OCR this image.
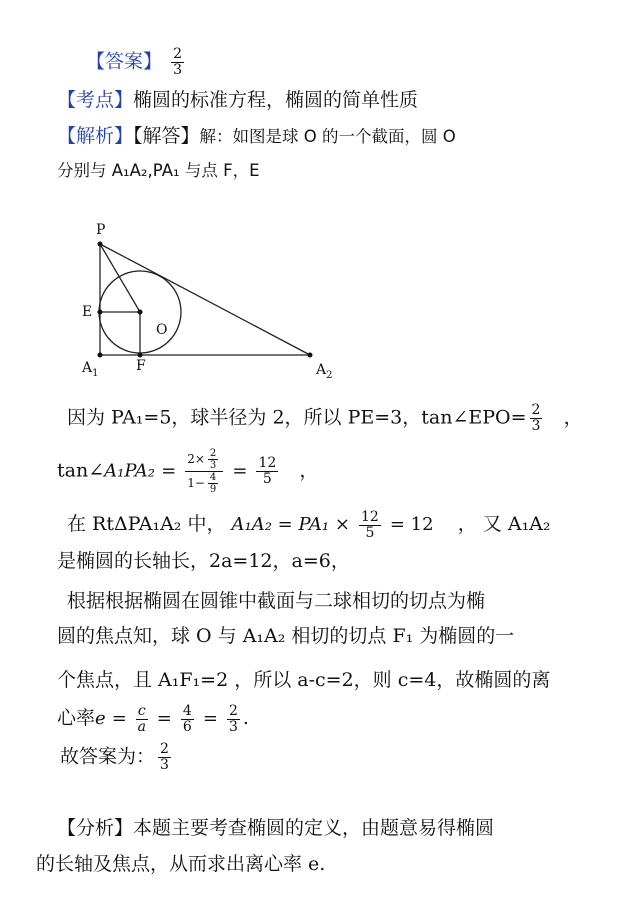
【答案】 $\frac{2}{3}$
【考点】椭圆的标准方程，椭圆的简单性质
【解析】【解答】解：如图是球 O 的一个截面，圆 O
分别与 A₁A₂,PA₁ 与点 F，E
P
E
O
$A_1$	F	$A_2$
因为 PA₁=5，球半径为 2，所以 PE=3，tan∠EPO= $\frac{2}{3}$ ，
tan∠A₁PA₂ = $\frac{2\times \frac{2}{3}}{1- \frac{4}{9}} = \frac{12}{5}$ ，
在 RtΔPA₁A₂ 中， $A_1A_2 = PA_1 \times \frac{12}{5} = 12$ ， 又 A₁A₂
是椭圆的长轴长，2a=12，a=6，
根据根据椭圆在圆锥中截面与二球相切的切点为椭
圆的焦点知，球 O 与 A₁A₂ 相切的切点 F₁ 为椭圆的一
个焦点，且 A₁F₁=2 ，所以 a-c=2，则 c=4，故椭圆的离
心率$e = \frac{c}{a} = \frac{4}{6} = \frac{2}{3}$ .
故答案为： $\frac{2}{3}$
【分析】本题主要考查椭圆的定义，由题意易得椭圆
的长轴及焦点，从而求出离心率 e.
